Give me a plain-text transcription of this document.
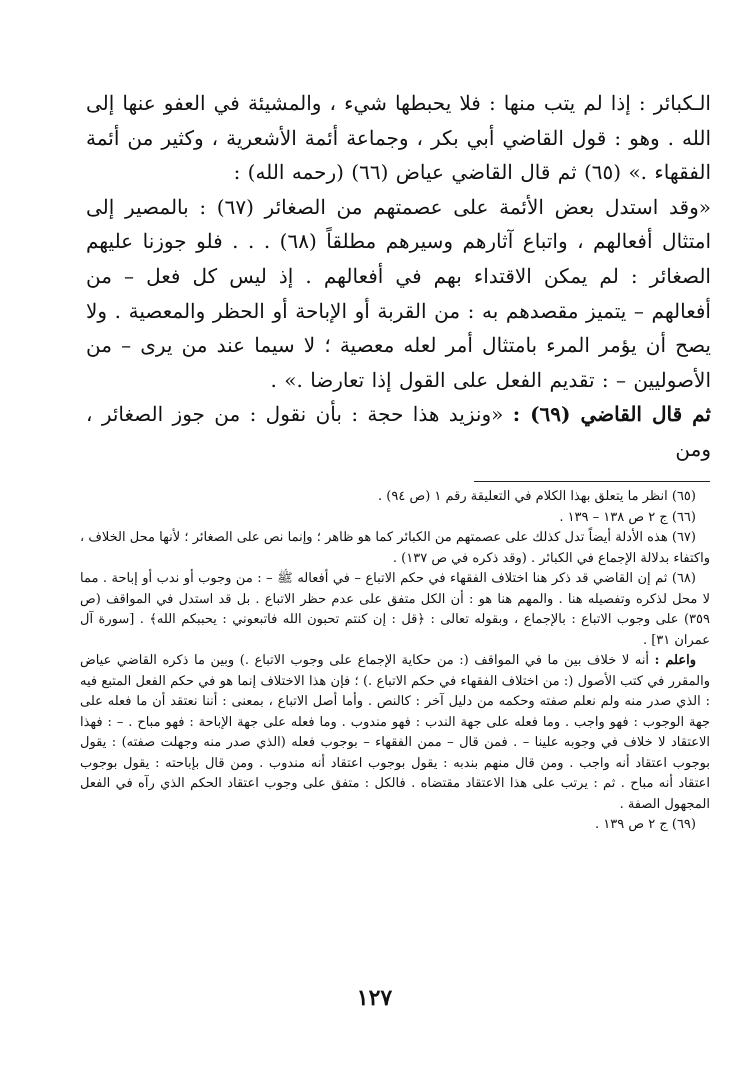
الـكبائر : إذا لم يتب منها : فلا يحبطها شيء ، والمشيئة في العفو عنها إلى الله . وهو : قول القاضي أبي بكر ، وجماعة أئمة الأشعرية ، وكثير من أئمة الفقهاء .» (٦٥) ثم قال القاضي عياض (٦٦) (رحمه الله) :

«وقد استدل بعض الأئمة على عصمتهم من الصغائر (٦٧) : بالمصير إلى امتثال أفعالهم ، واتباع آثارهم وسيرهم مطلقاً (٦٨) . . . فلو جوزنا عليهم الصغائر : لم يمكن الاقتداء بهم في أفعالهم . إذ ليس كل فعل – من أفعالهم – يتميز مقصدهم به : من القربة أو الإباحة أو الحظر والمعصية . ولا يصح أن يؤمر المرء بامتثال أمر لعله معصية ؛ لا سيما عند من يرى – من الأصوليين – : تقديم الفعل على القول إذا تعارضا .» .

ثم قال القاضي (٦٩) : «ونزيد هذا حجة : بأن نقول : من جوز الصغائر ، ومن

(٦٥) انظر ما يتعلق بهذا الكلام في التعليقة رقم ١ (ص ٩٤) .

(٦٦) ج ٢ ص ١٣٨ – ١٣٩ .

(٦٧) هذه الأدلة أيضاً تدل كذلك على عصمتهم من الكبائر كما هو ظاهر ؛ وإنما نص على الصغائر ؛ لأنها محل الخلاف ، واكتفاء بدلالة الإجماع في الكبائر . (وقد ذكره في ص ١٣٧) .

(٦٨) ثم إن القاضي قد ذكر هنا اختلاف الفقهاء في حكم الاتباع – في أفعاله ﷺ – : من وجوب أو ندب أو إباحة . مما لا محل لذكره وتفصيله هنا . والمهم هنا هو : أن الكل متفق على عدم حظر الاتباع . بل قد استدل في المواقف (ص ٣٥٩) على وجوب الاتباع : بالإجماع ، وبقوله تعالى : ﴿قل : إن كنتم تحبون الله فاتبعوني : يحببكم الله﴾ . [سورة آل عمران ٣١] .

واعلم : أنه لا خلاف بين ما في المواقف (: من حكاية الإجماع على وجوب الاتباع .) وبين ما ذكره القاضي عياض والمقرر في كتب الأصول (: من اختلاف الفقهاء في حكم الاتباع .) ؛ فإن هذا الاختلاف إنما هو في حكم الفعل المتبع فيه : الذي صدر منه ولم نعلم صفته وحكمه من دليل آخر : كالنص . وأما أصل الاتباع ، بمعنى : أننا نعتقد أن ما فعله على جهة الوجوب : فهو واجب . وما فعله على جهة الندب : فهو مندوب . وما فعله على جهة الإباحة : فهو مباح . – : فهذا الاعتقاد لا خلاف في وجوبه علينا – . فمن قال – ممن الفقهاء – بوجوب فعله (الذي صدر منه وجهلت صفته) : يقول بوجوب اعتقاد أنه واجب . ومن قال منهم بندبه : يقول بوجوب اعتقاد أنه مندوب . ومن قال بإباحته : يقول بوجوب اعتقاد أنه مباح . ثم : يرتب على هذا الاعتقاد مقتضاه . فالكل : متفق على وجوب اعتقاد الحكم الذي رآه في الفعل المجهول الصفة .

(٦٩) ج ٢ ص ١٣٩ .

١٢٧
